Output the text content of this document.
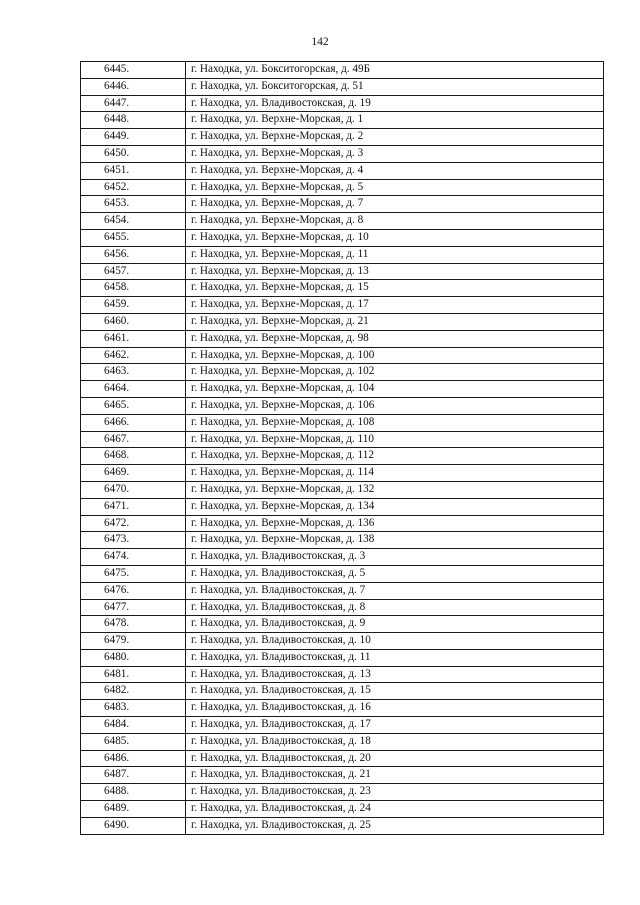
142
6445.	г. Находка, ул. Бокситогорская, д. 49Б
6446.	г. Находка, ул. Бокситогорская, д. 51
6447.	г. Находка, ул. Владивостокская, д. 19
6448.	г. Находка, ул. Верхне-Морская, д. 1
6449.	г. Находка, ул. Верхне-Морская, д. 2
6450.	г. Находка, ул. Верхне-Морская, д. 3
6451.	г. Находка, ул. Верхне-Морская, д. 4
6452.	г. Находка, ул. Верхне-Морская, д. 5
6453.	г. Находка, ул. Верхне-Морская, д. 7
6454.	г. Находка, ул. Верхне-Морская, д. 8
6455.	г. Находка, ул. Верхне-Морская, д. 10
6456.	г. Находка, ул. Верхне-Морская, д. 11
6457.	г. Находка, ул. Верхне-Морская, д. 13
6458.	г. Находка, ул. Верхне-Морская, д. 15
6459.	г. Находка, ул. Верхне-Морская, д. 17
6460.	г. Находка, ул. Верхне-Морская, д. 21
6461.	г. Находка, ул. Верхне-Морская, д. 98
6462.	г. Находка, ул. Верхне-Морская, д. 100
6463.	г. Находка, ул. Верхне-Морская, д. 102
6464.	г. Находка, ул. Верхне-Морская, д. 104
6465.	г. Находка, ул. Верхне-Морская, д. 106
6466.	г. Находка, ул. Верхне-Морская, д. 108
6467.	г. Находка, ул. Верхне-Морская, д. 110
6468.	г. Находка, ул. Верхне-Морская, д. 112
6469.	г. Находка, ул. Верхне-Морская, д. 114
6470.	г. Находка, ул. Верхне-Морская, д. 132
6471.	г. Находка, ул. Верхне-Морская, д. 134
6472.	г. Находка, ул. Верхне-Морская, д. 136
6473.	г. Находка, ул. Верхне-Морская, д. 138
6474.	г. Находка, ул. Владивостокская, д. 3
6475.	г. Находка, ул. Владивостокская, д. 5
6476.	г. Находка, ул. Владивостокская, д. 7
6477.	г. Находка, ул. Владивостокская, д. 8
6478.	г. Находка, ул. Владивостокская, д. 9
6479.	г. Находка, ул. Владивостокская, д. 10
6480.	г. Находка, ул. Владивостокская, д. 11
6481.	г. Находка, ул. Владивостокская, д. 13
6482.	г. Находка, ул. Владивостокская, д. 15
6483.	г. Находка, ул. Владивостокская, д. 16
6484.	г. Находка, ул. Владивостокская, д. 17
6485.	г. Находка, ул. Владивостокская, д. 18
6486.	г. Находка, ул. Владивостокская, д. 20
6487.	г. Находка, ул. Владивостокская, д. 21
6488.	г. Находка, ул. Владивостокская, д. 23
6489.	г. Находка, ул. Владивостокская, д. 24
6490.	г. Находка, ул. Владивостокская, д. 25
